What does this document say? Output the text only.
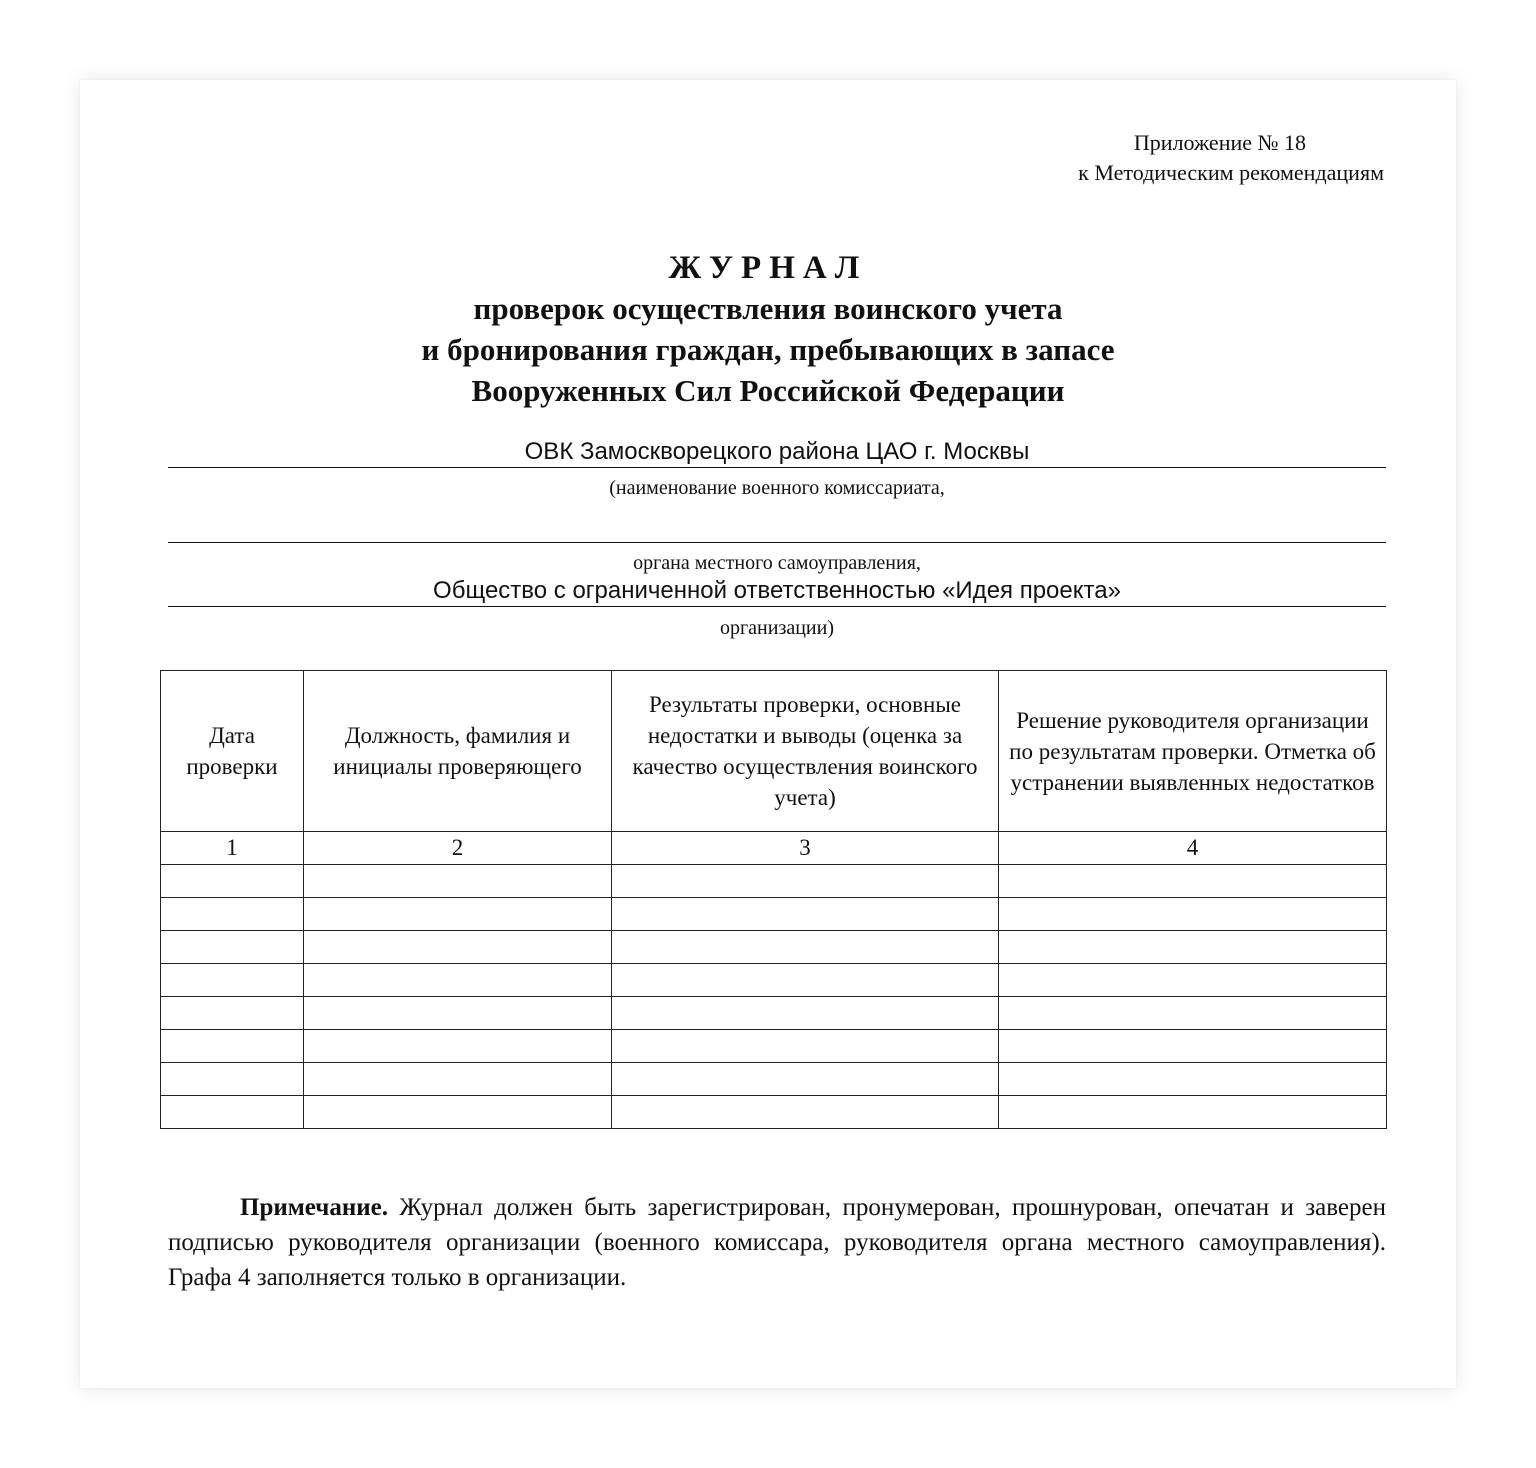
Приложение № 18
к Методическим рекомендациям
ЖУРНАЛ
проверок осуществления воинского учета
и бронирования граждан, пребывающих в запасе
Вооруженных Сил Российской Федерации
ОВК Замоскворецкого района ЦАО г. Москвы
(наименование военного комиссариата,
органа местного самоуправления,
Общество с ограниченной ответственностью «Идея проекта»
организации)
Дата проверки	Должность, фамилия и инициалы проверяющего	Результаты проверки, основные недостатки и выводы (оценка за качество осуществления воинского учета)	Решение руководителя организации по результатам проверки. Отметка об устранении выявленных недостатков
1	2	3	4

Примечание. Журнал должен быть зарегистрирован, пронумерован, прошнурован, опечатан и заверен подписью руководителя организации (военного комиссара, руководителя органа местного самоуправления). Графа 4 заполняется только в организации.
